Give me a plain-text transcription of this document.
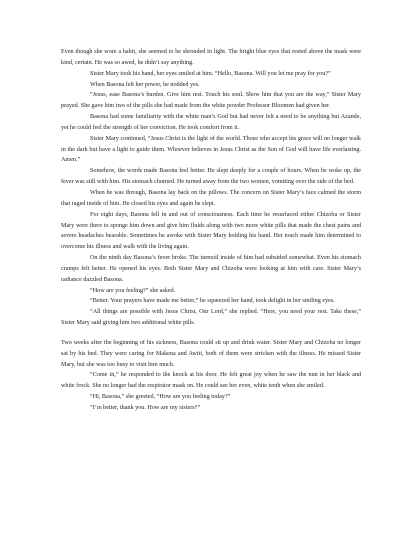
Even though she wore a habit, she seemed to be shrouded in light. The bright blue eyes that rested above the mask were kind, certain. He was so awed, he didn’t say anything.

Sister Mary took his hand, her eyes smiled at him. “Hello, Basona. Will you let me pray for you?”

When Basona felt her power, he nodded yes.

“Jesus, ease Basona’s burden. Give him rest. Touch his soul. Show him that you are the way,” Sister Mary prayed. She gave him two of the pills she had made from the white powder Professor Bloomen had given her.

Basona had some familiarity with the white man’s God but had never felt a need to be anything but Azande, yet he could feel the strength of her conviction. He took comfort from it.

Sister Mary continued, “Jesus Christ is the light of the world. Those who accept his grace will no longer walk in the dark but have a light to guide them. Whoever believes in Jesus Christ as the Son of God will have life everlasting. Amen.”

Somehow, the words made Basona feel better. He slept deeply for a couple of hours. When he woke up, the fever was still with him. His stomach churned. He turned away from the two women, vomiting over the side of the bed.

When he was through, Basona lay back on the pillows. The concern on Sister Mary’s face calmed the storm that raged inside of him. He closed his eyes and again he slept.

For eight days, Basona fell in and out of consciousness. Each time he resurfaced either Chizoba or Sister Mary were there to sponge him down and give him fluids along with two more white pills that made the chest pains and severe headaches bearable. Sometimes he awoke with Sister Mary holding his hand. Her touch made him determined to overcome his illness and walk with the living again.

On the ninth day Basona’s fever broke. The turmoil inside of him had subsided somewhat. Even his stomach cramps felt better. He opened his eyes. Both Sister Mary and Chizoba were looking at him with care. Sister Mary’s radiance dazzled Basona.

“How are you feeling?” she asked.

“Better. Your prayers have made me better,” he squeezed her hand, took delight in her smiling eyes.

“All things are possible with Jesus Christ, Our Lord,” she replied. “Here, you need your rest. Take these,” Sister Mary said giving him two additional white pills.

Two weeks after the beginning of his sickness, Basona could sit up and drink water. Sister Mary and Chizoba no longer sat by his bed. They were caring for Makena and Awiti, both of them were stricken with the illness. He missed Sister Mary, but she was too busy to visit him much.

“Come in,” he responded to the knock at his door. He felt great joy when he saw the nun in her black and white frock. She no longer had the respirator mask on. He could see her even, white teeth when she smiled.

“Hi, Basona,” she greeted, “How are you feeling today?”

“I’m better, thank you. How are my sisters?”
